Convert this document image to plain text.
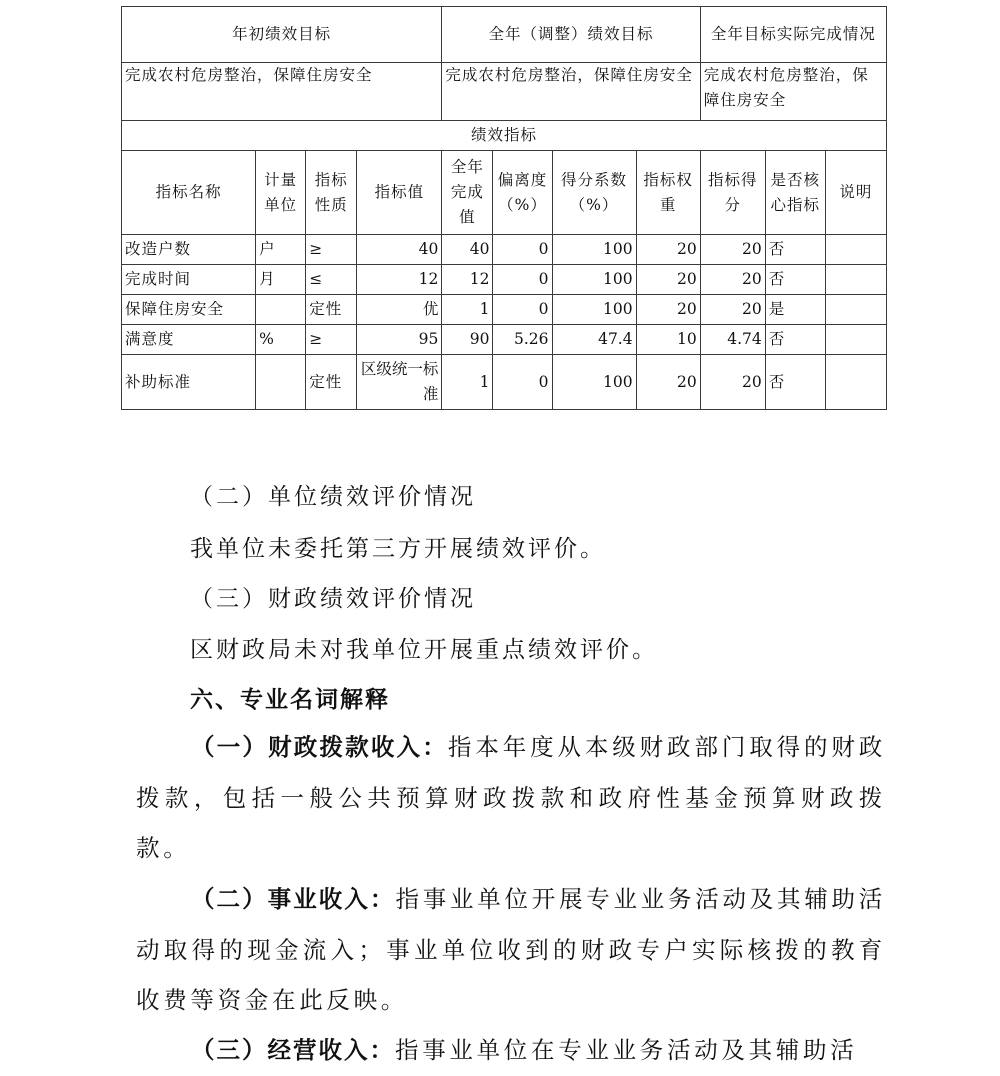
年初绩效目标				全年（调整）绩效目标				全年目标实际完成情况		
完成农村危房整治，保障住房安全				完成农村危房整治，保障住房安全				完成农村危房整治，保障住房安全		
绩效指标										
指标名称	计量单位	指标性质	指标值	全年完成值	偏离度（%）	得分系数（%）	指标权重	指标得分	是否核心指标	说明
改造户数	户	≥	40	40	0	100	20	20	否	
完成时间	月	≤	12	12	0	100	20	20	否	
保障住房安全		定性	优	1	0	100	20	20	是	
满意度	%	≥	95	90	5.26	47.4	10	4.74	否	
补助标准		定性	区级统一标准	1	0	100	20	20	否	

（二）单位绩效评价情况

我单位未委托第三方开展绩效评价。

（三）财政绩效评价情况

区财政局未对我单位开展重点绩效评价。

六、专业名词解释

（一）财政拨款收入：指本年度从本级财政部门取得的财政拨款，包括一般公共预算财政拨款和政府性基金预算财政拨款。

（二）事业收入：指事业单位开展专业业务活动及其辅助活动取得的现金流入；事业单位收到的财政专户实际核拨的教育收费等资金在此反映。

（三）经营收入：指事业单位在专业业务活动及其辅助活
